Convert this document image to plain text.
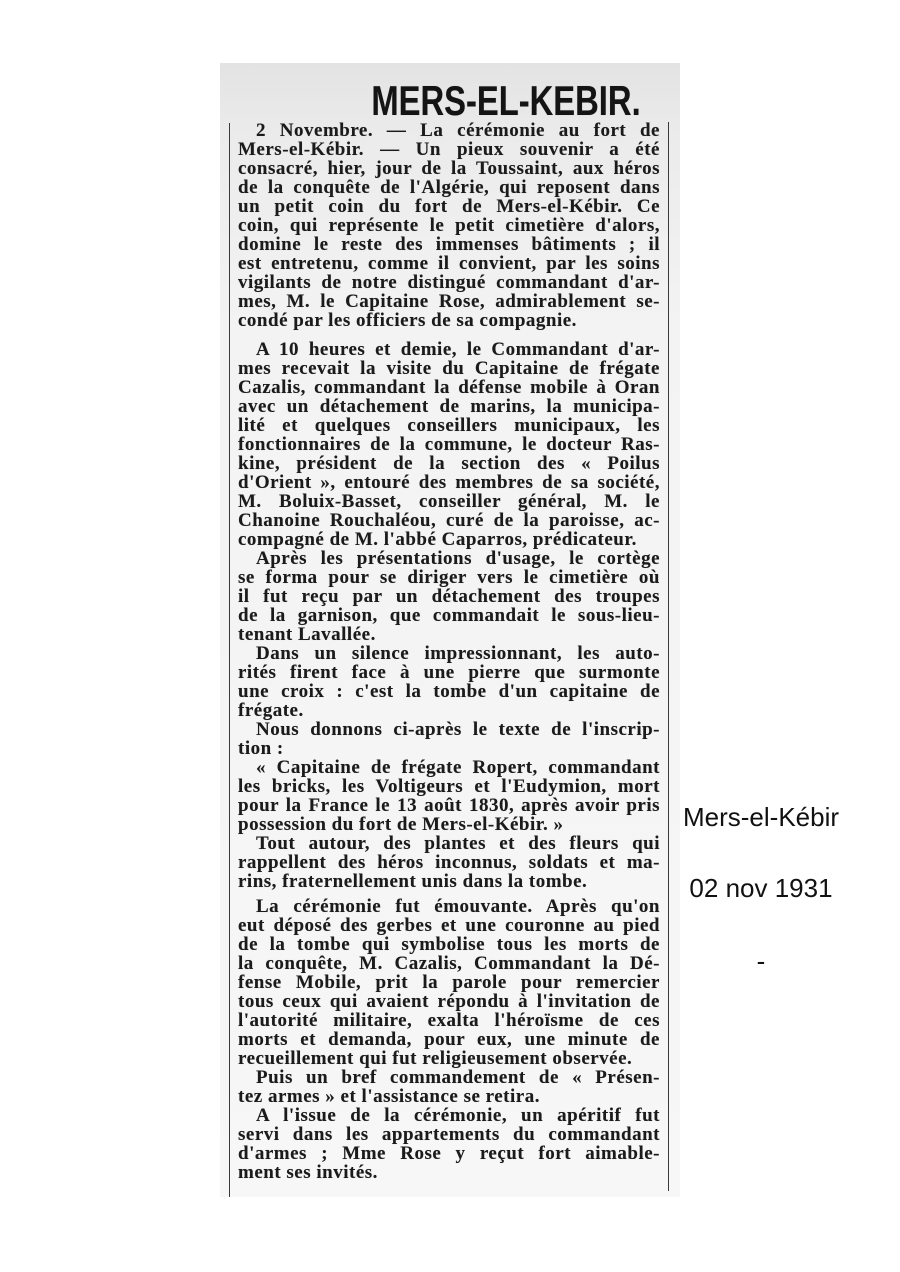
MERS-EL-KEBIR.
2 Novembre. — La cérémonie au fort de
Mers-el-Kébir. — Un pieux souvenir a été
consacré, hier, jour de la Toussaint, aux héros
de la conquête de l'Algérie, qui reposent dans
un petit coin du fort de Mers-el-Kébir. Ce
coin, qui représente le petit cimetière d'alors,
domine le reste des immenses bâtiments ; il
est entretenu, comme il convient, par les soins
vigilants de notre distingué commandant d'ar-
mes, M. le Capitaine Rose, admirablement se-
condé par les officiers de sa compagnie.
A 10 heures et demie, le Commandant d'ar-
mes recevait la visite du Capitaine de frégate
Cazalis, commandant la défense mobile à Oran
avec un détachement de marins, la municipa-
lité et quelques conseillers municipaux, les
fonctionnaires de la commune, le docteur Ras-
kine, président de la section des « Poilus
d'Orient », entouré des membres de sa société,
M. Boluix-Basset, conseiller général, M. le
Chanoine Rouchaléou, curé de la paroisse, ac-
compagné de M. l'abbé Caparros, prédicateur.
Après les présentations d'usage, le cortège
se forma pour se diriger vers le cimetière où
il fut reçu par un détachement des troupes
de la garnison, que commandait le sous-lieu-
tenant Lavallée.
Dans un silence impressionnant, les auto-
rités firent face à une pierre que surmonte
une croix : c'est la tombe d'un capitaine de
frégate.
Nous donnons ci-après le texte de l'inscrip-
tion :
« Capitaine de frégate Ropert, commandant
les bricks, les Voltigeurs et l'Eudymion, mort
pour la France le 13 août 1830, après avoir pris
possession du fort de Mers-el-Kébir. »
Tout autour, des plantes et des fleurs qui
rappellent des héros inconnus, soldats et ma-
rins, fraternellement unis dans la tombe.
La cérémonie fut émouvante. Après qu'on
eut déposé des gerbes et une couronne au pied
de la tombe qui symbolise tous les morts de
la conquête, M. Cazalis, Commandant la Dé-
fense Mobile, prit la parole pour remercier
tous ceux qui avaient répondu à l'invitation de
l'autorité militaire, exalta l'héroïsme de ces
morts et demanda, pour eux, une minute de
recueillement qui fut religieusement observée.
Puis un bref commandement de « Présen-
tez armes » et l'assistance se retira.
A l'issue de la cérémonie, un apéritif fut
servi dans les appartements du commandant
d'armes ; Mme Rose y reçut fort aimable-
ment ses invités.
Mers-el-Kébir
02 nov 1931
-
